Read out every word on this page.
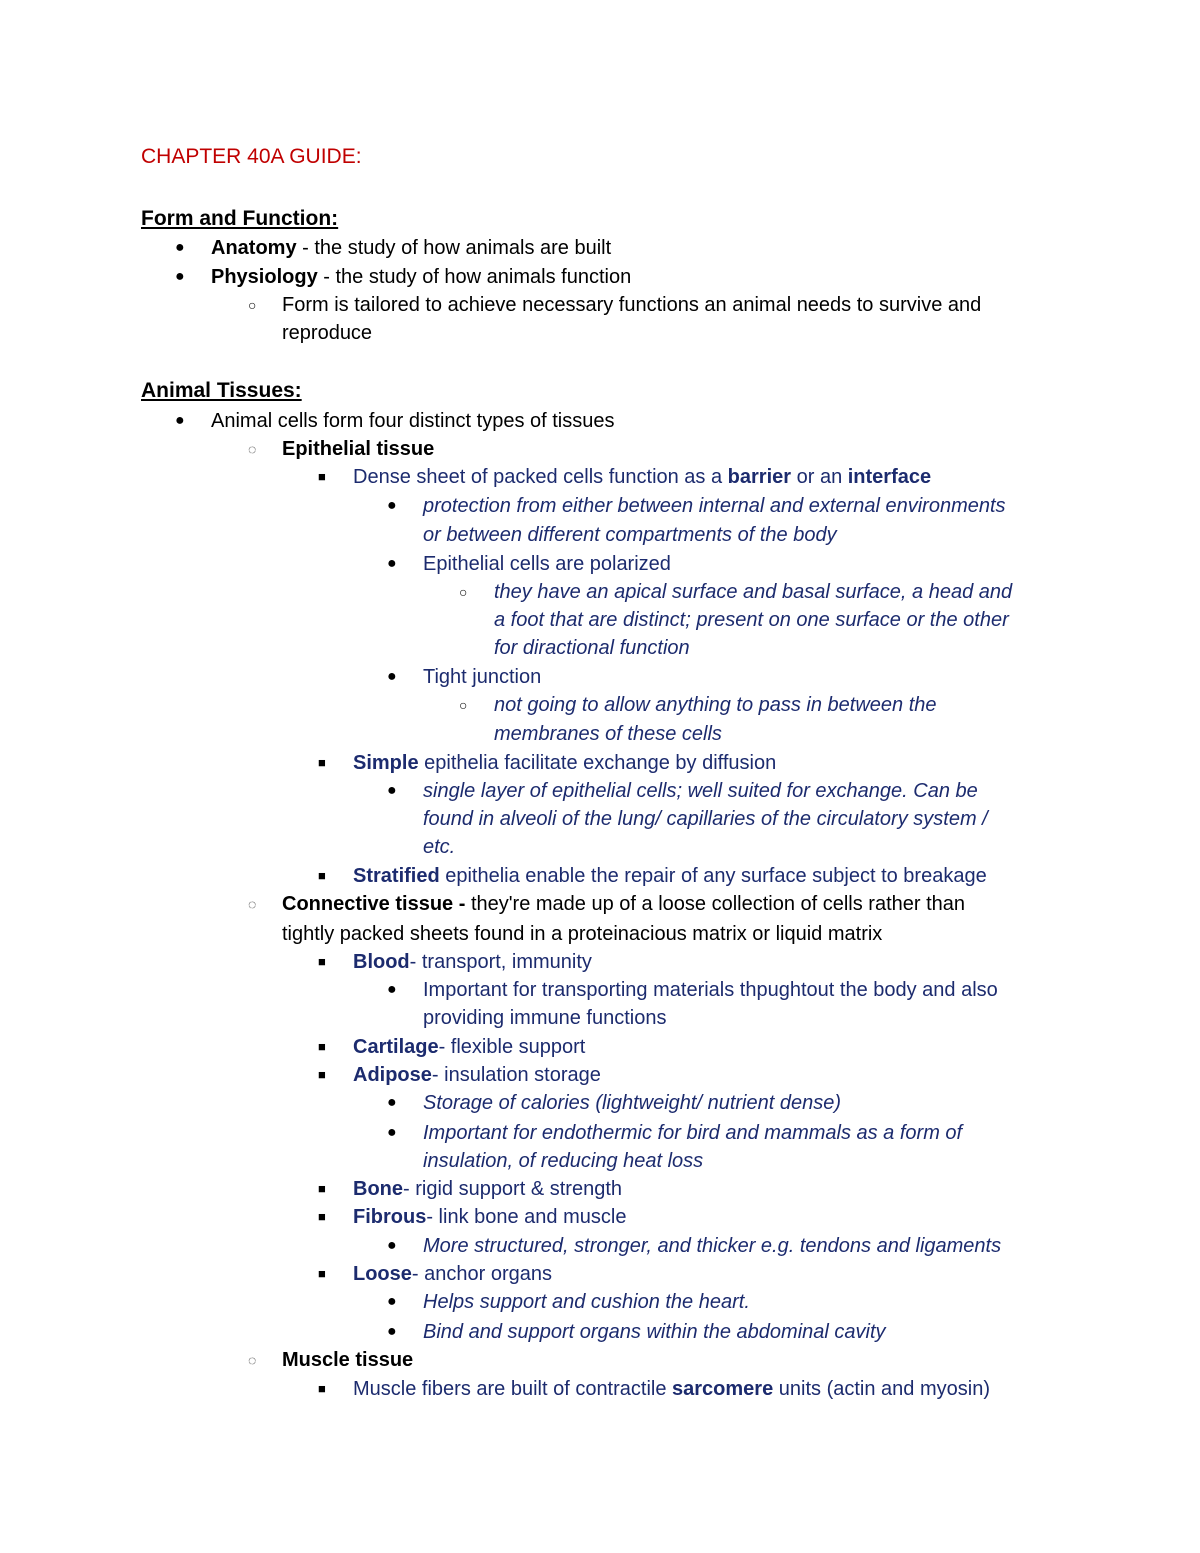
CHAPTER 40A GUIDE:
Form and Function:
● Anatomy - the study of how animals are built
● Physiology - the study of how animals function
○ Form is tailored to achieve necessary functions an animal needs to survive and
reproduce
Animal Tissues:
● Animal cells form four distinct types of tissues
◌ Epithelial tissue
■ Dense sheet of packed cells function as a barrier or an interface
● protection from either between internal and external environments
or between different compartments of the body
● Epithelial cells are polarized
○ they have an apical surface and basal surface, a head and
a foot that are distinct; present on one surface or the other
for diractional function
● Tight junction
○ not going to allow anything to pass in between the
membranes of these cells
■ Simple epithelia facilitate exchange by diffusion
● single layer of epithelial cells; well suited for exchange. Can be
found in alveoli of the lung/ capillaries of the circulatory system /
etc.
■ Stratified epithelia enable the repair of any surface subject to breakage
◌ Connective tissue - they're made up of a loose collection of cells rather than
tightly packed sheets found in a proteinacious matrix or liquid matrix
■ Blood- transport, immunity
● Important for transporting materials thpughtout the body and also
providing immune functions
■ Cartilage- flexible support
■ Adipose- insulation storage
● Storage of calories (lightweight/ nutrient dense)
● Important for endothermic for bird and mammals as a form of
insulation, of reducing heat loss
■ Bone- rigid support & strength
■ Fibrous- link bone and muscle
● More structured, stronger, and thicker e.g. tendons and ligaments
■ Loose- anchor organs
● Helps support and cushion the heart.
● Bind and support organs within the abdominal cavity
◌ Muscle tissue
■ Muscle fibers are built of contractile sarcomere units (actin and myosin)
